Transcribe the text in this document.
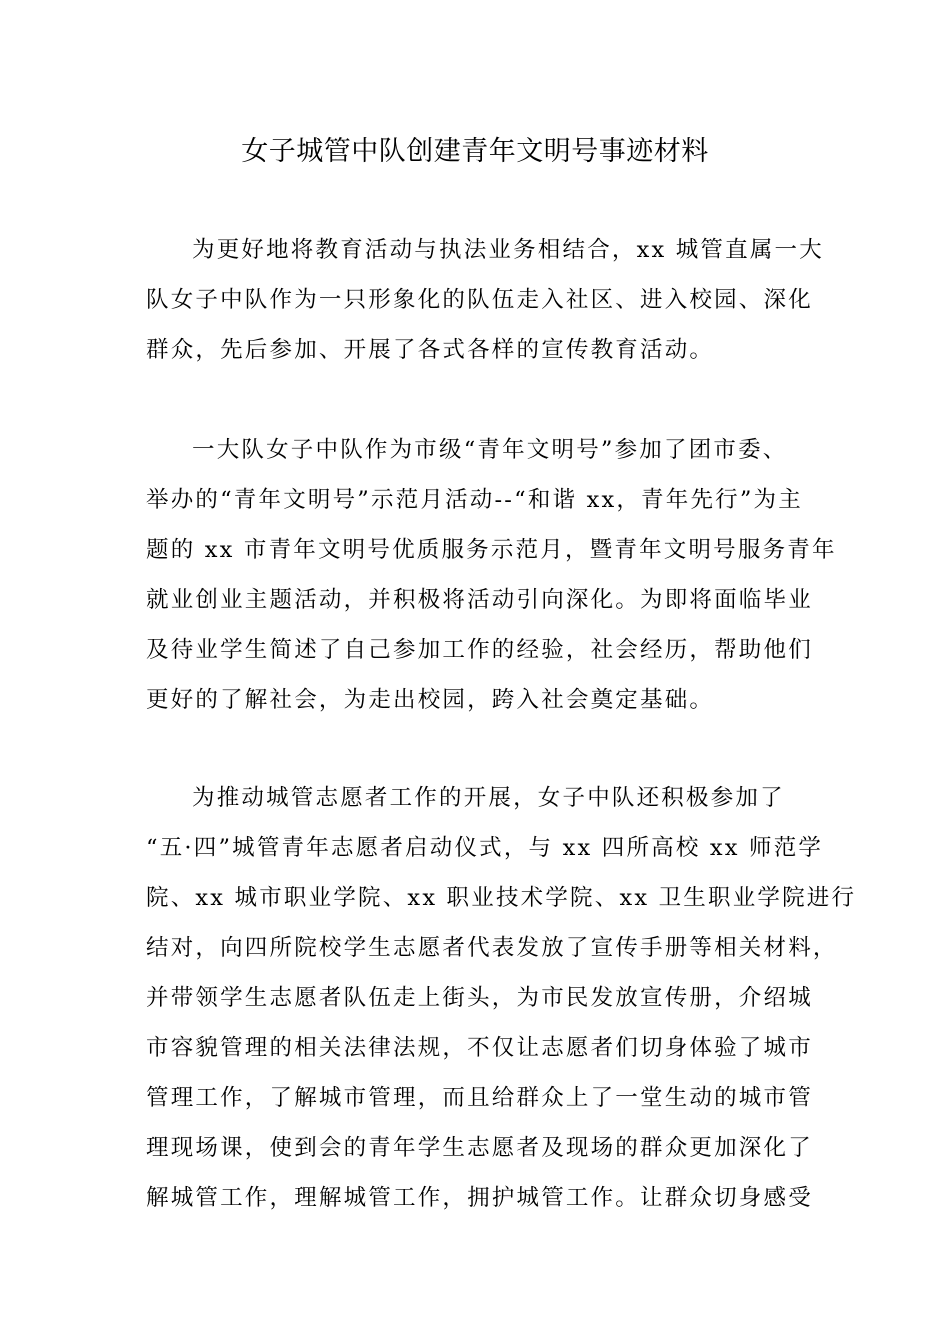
女子城管中队创建青年文明号事迹材料
为更好地将教育活动与执法业务相结合，xx 城管直属一大
队女子中队作为一只形象化的队伍走入社区、进入校园、深化
群众，先后参加、开展了各式各样的宣传教育活动。
一大队女子中队作为市级“青年文明号”参加了团市委、
举办的“青年文明号”示范月活动--“和谐 xx，青年先行”为主
题的 xx 市青年文明号优质服务示范月，暨青年文明号服务青年
就业创业主题活动，并积极将活动引向深化。为即将面临毕业
及待业学生简述了自己参加工作的经验，社会经历，帮助他们
更好的了解社会，为走出校园，跨入社会奠定基础。
为推动城管志愿者工作的开展，女子中队还积极参加了
“五·四”城管青年志愿者启动仪式，与 xx 四所高校 xx 师范学
院、xx 城市职业学院、xx 职业技术学院、xx 卫生职业学院进行
结对，向四所院校学生志愿者代表发放了宣传手册等相关材料，
并带领学生志愿者队伍走上街头，为市民发放宣传册，介绍城
市容貌管理的相关法律法规，不仅让志愿者们切身体验了城市
管理工作，了解城市管理，而且给群众上了一堂生动的城市管
理现场课，使到会的青年学生志愿者及现场的群众更加深化了
解城管工作，理解城管工作，拥护城管工作。让群众切身感受
